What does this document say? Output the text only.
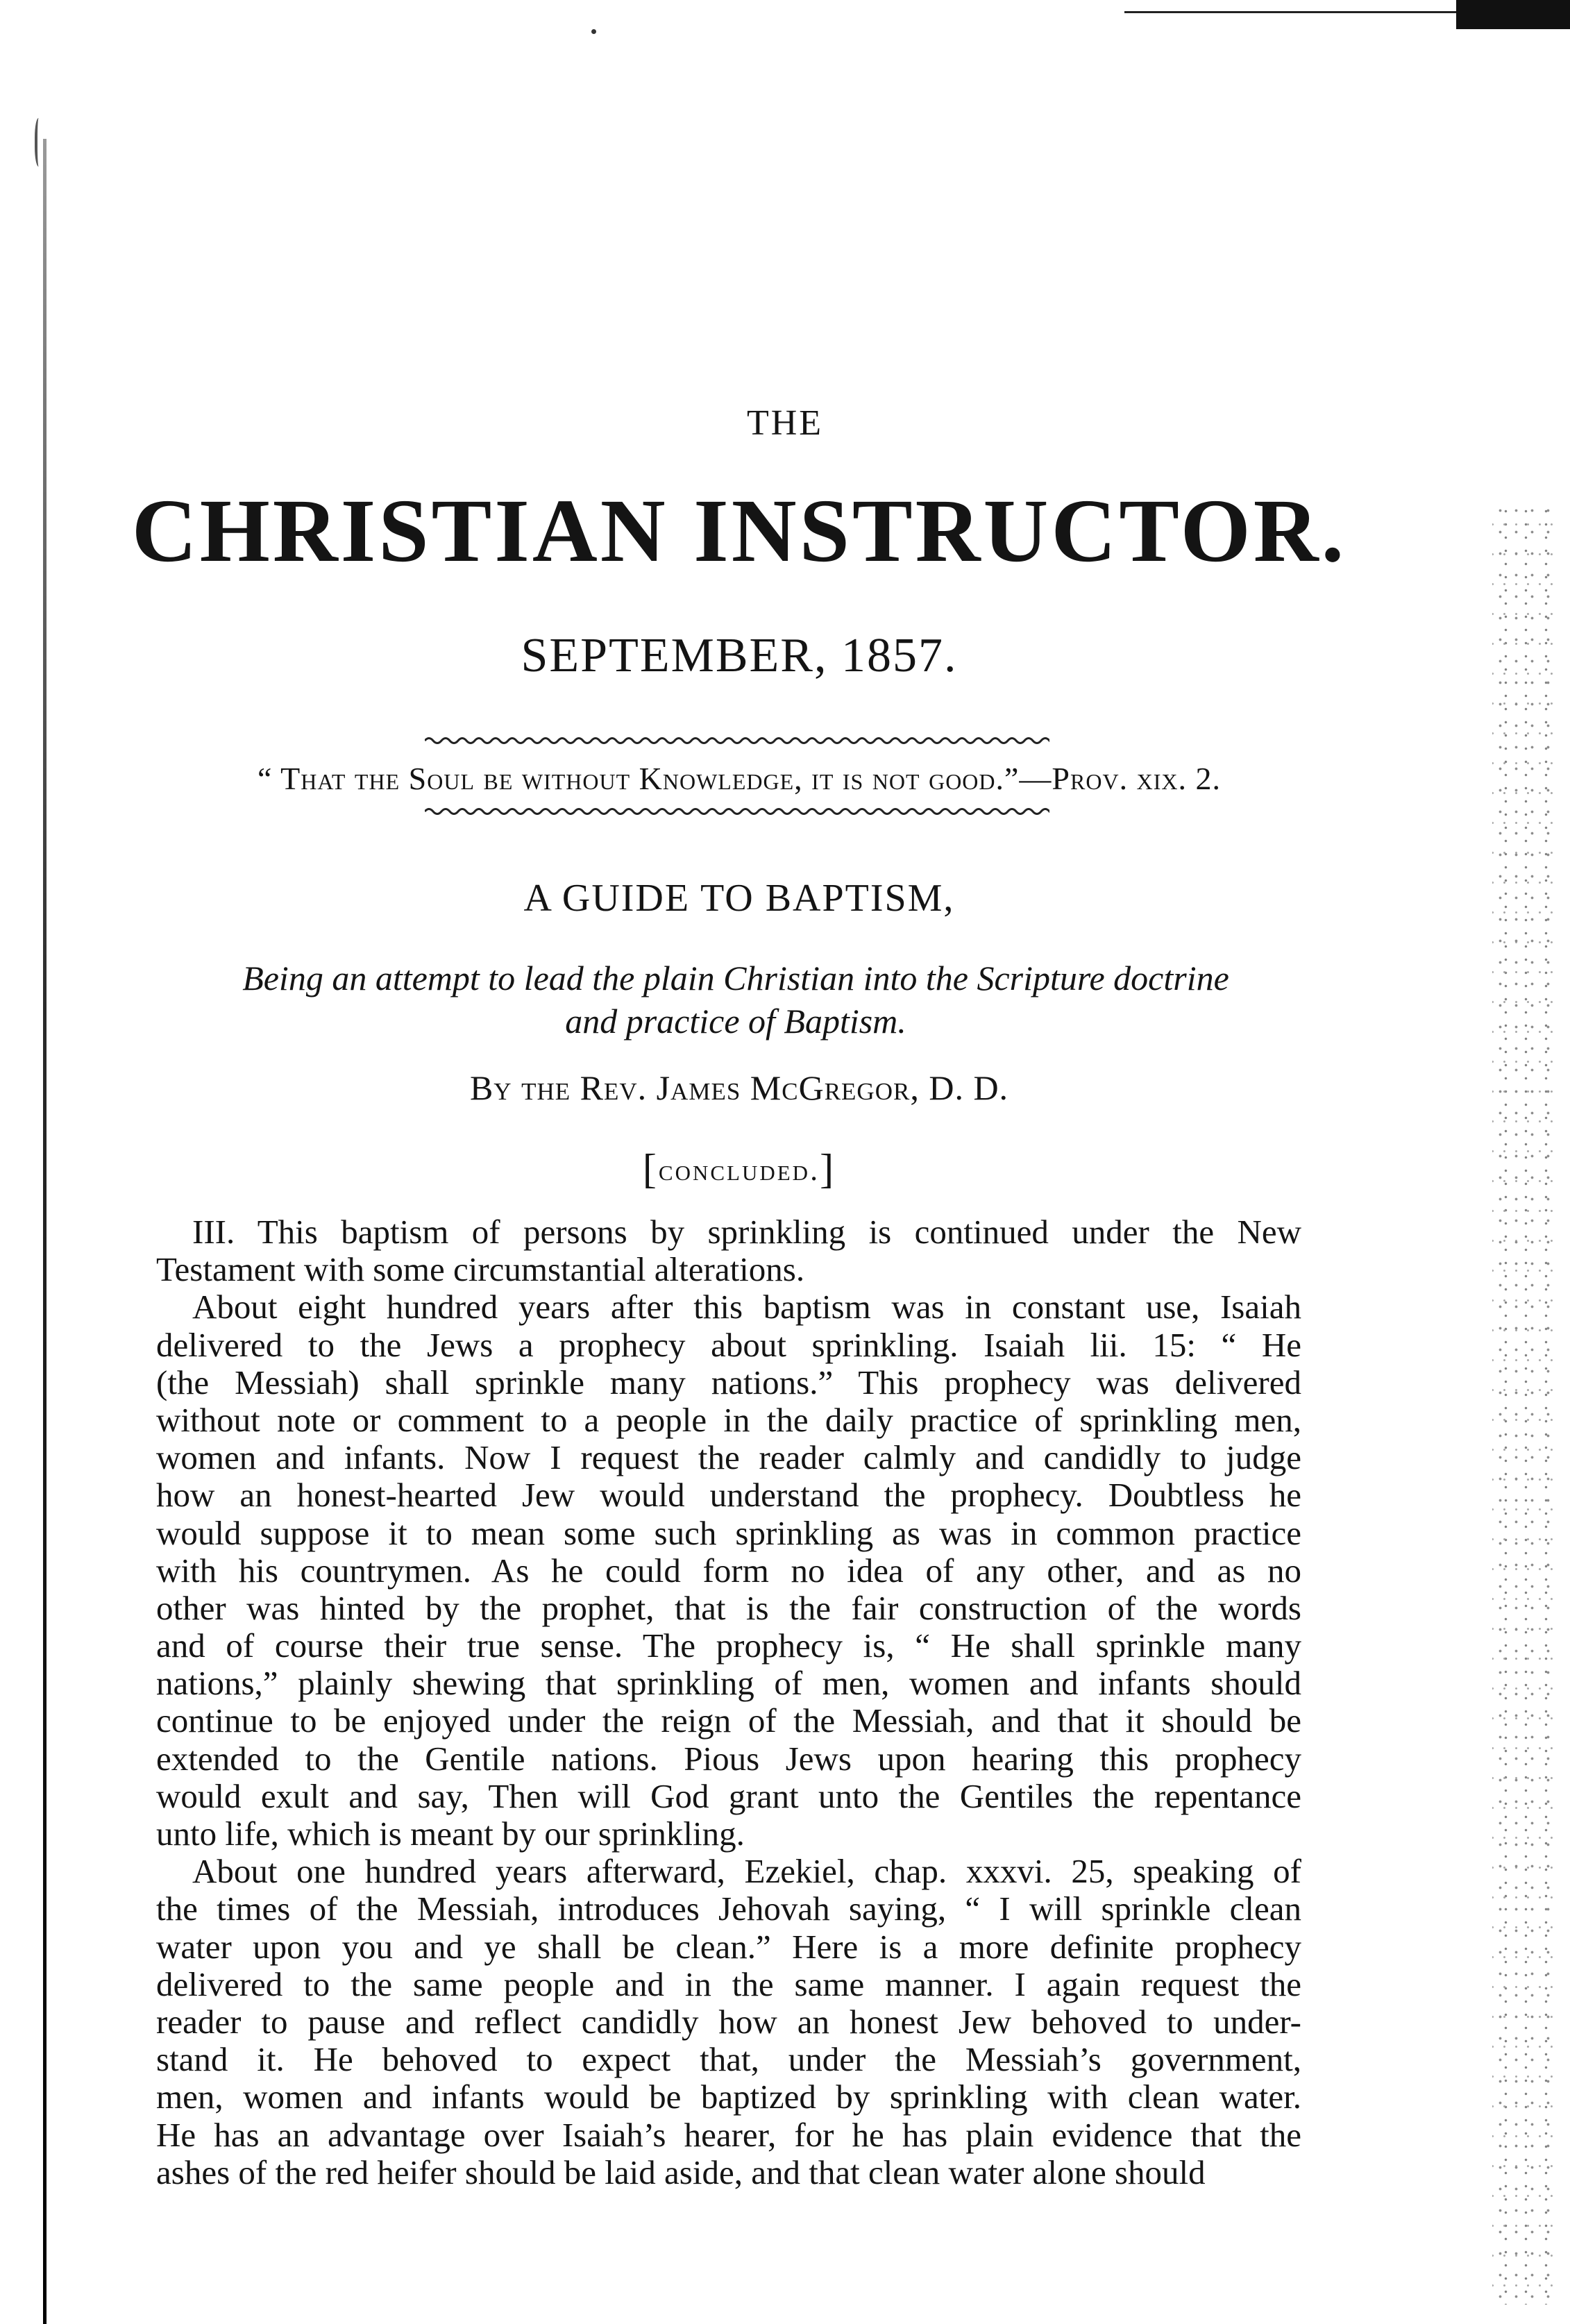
THE
CHRISTIAN INSTRUCTOR.
SEPTEMBER, 1857.
“ That the Soul be without Knowledge, it is not good.”—Prov. xix. 2.
A GUIDE TO BAPTISM,
Being an attempt to lead the plain Christian into the Scripture doctrine
and practice of Baptism.
By the Rev. James McGregor, D. D.
[concluded.]
III. This baptism of persons by sprinkling is continued under the New
Testament with some circumstantial alterations.
About eight hundred years after this baptism was in constant use, Isaiah
delivered to the Jews a prophecy about sprinkling. Isaiah lii. 15: “ He
(the Messiah) shall sprinkle many nations.” This prophecy was delivered
without note or comment to a people in the daily practice of sprinkling men,
women and infants. Now I request the reader calmly and candidly to judge
how an honest-hearted Jew would understand the prophecy. Doubtless he
would suppose it to mean some such sprinkling as was in common practice
with his countrymen. As he could form no idea of any other, and as no
other was hinted by the prophet, that is the fair construction of the words
and of course their true sense. The prophecy is, “ He shall sprinkle many
nations,” plainly shewing that sprinkling of men, women and infants should
continue to be enjoyed under the reign of the Messiah, and that it should be
extended to the Gentile nations. Pious Jews upon hearing this prophecy
would exult and say, Then will God grant unto the Gentiles the repentance
unto life, which is meant by our sprinkling.
About one hundred years afterward, Ezekiel, chap. xxxvi. 25, speaking of
the times of the Messiah, introduces Jehovah saying, “ I will sprinkle clean
water upon you and ye shall be clean.” Here is a more definite prophecy
delivered to the same people and in the same manner. I again request the
reader to pause and reflect candidly how an honest Jew behoved to under-
stand it. He behoved to expect that, under the Messiah’s government,
men, women and infants would be baptized by sprinkling with clean water.
He has an advantage over Isaiah’s hearer, for he has plain evidence that the
ashes of the red heifer should be laid aside, and that clean water alone should
